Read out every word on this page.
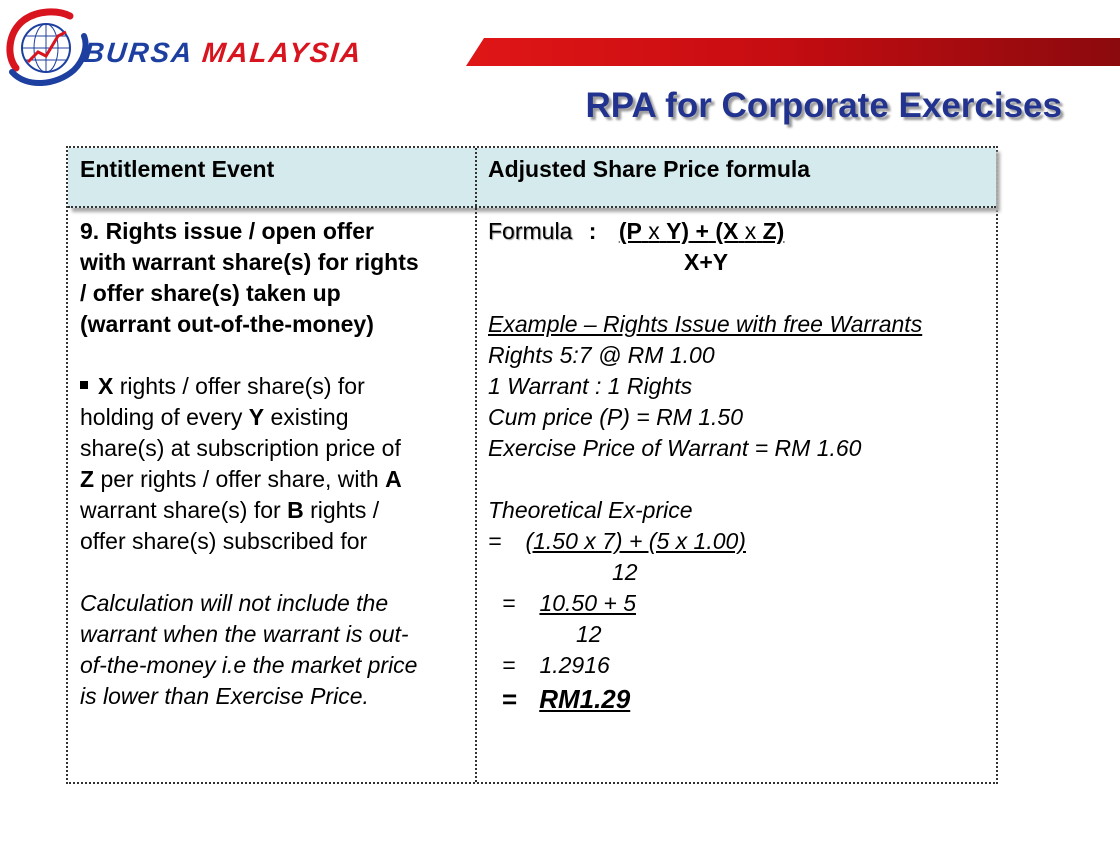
BURSA MALAYSIA
RPA for Corporate Exercises
Entitlement Event	Adjusted Share Price formula
9. Rights issue / open offer
with warrant share(s) for rights
/ offer share(s) taken up
(warrant out-of-the-money)
X rights / offer share(s) for
holding of every Y existing
share(s) at subscription price of
Z per rights / offer share, with A
warrant share(s) for B rights /
offer share(s) subscribed for
Calculation will not include the
warrant when the warrant is out-
of-the-money i.e the market price
is lower than Exercise Price.
Formula : (P x Y) + (X x Z)
X+Y
Example – Rights Issue with free Warrants
Rights 5:7 @ RM 1.00
1 Warrant : 1 Rights
Cum price (P) = RM 1.50
Exercise Price of Warrant = RM 1.60
Theoretical Ex-price
= (1.50 x 7) + (5 x 1.00)
12
= 10.50 + 5
12
= 1.2916
= RM1.29
